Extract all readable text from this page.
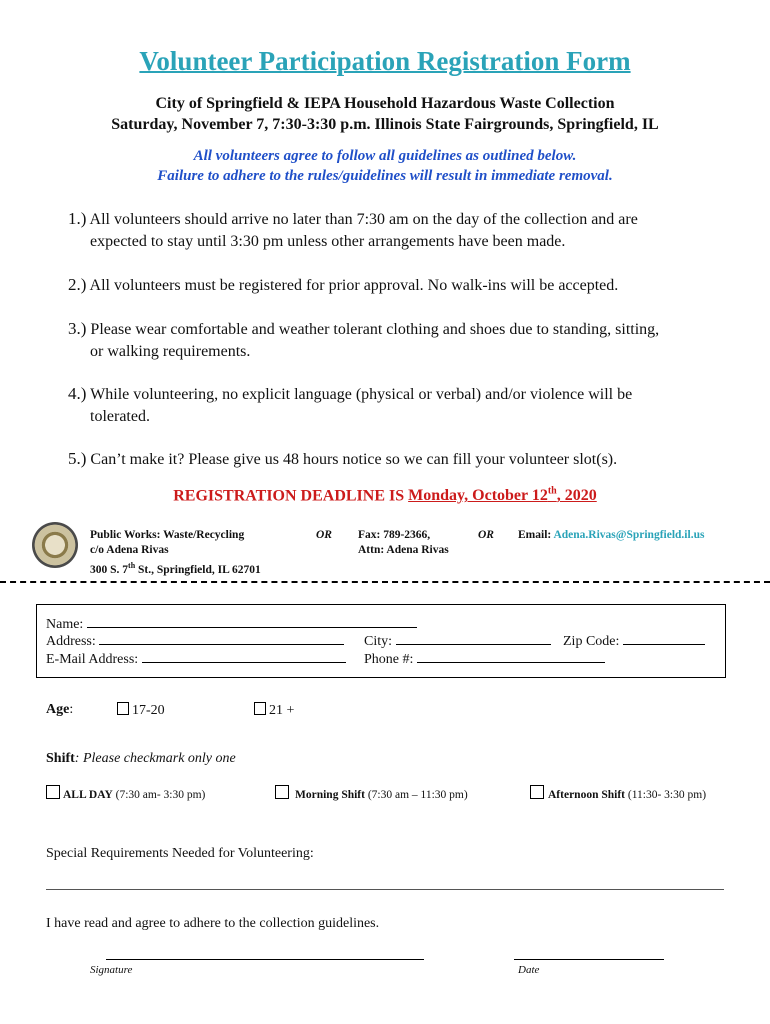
Volunteer Participation Registration Form
City of Springfield & IEPA Household Hazardous Waste Collection
Saturday, November 7, 7:30-3:30 p.m. Illinois State Fairgrounds, Springfield, IL
All volunteers agree to follow all guidelines as outlined below.
Failure to adhere to the rules/guidelines will result in immediate removal.
1.) All volunteers should arrive no later than 7:30 am on the day of the collection and are
expected to stay until 3:30 pm unless other arrangements have been made.
2.) All volunteers must be registered for prior approval. No walk-ins will be accepted.
3.) Please wear comfortable and weather tolerant clothing and shoes due to standing, sitting,
or walking requirements.
4.) While volunteering, no explicit language (physical or verbal) and/or violence will be
tolerated.
5.) Can’t make it? Please give us 48 hours notice so we can fill your volunteer slot(s).
REGISTRATION DEADLINE IS Monday, October 12th, 2020
Public Works: Waste/Recycling
c/o Adena Rivas
300 S. 7th St., Springfield, IL 62701
OR Fax: 789-2366,
Attn: Adena Rivas
OR Email: Adena.Rivas@Springfield.il.us
Name:
Address:	City:	Zip Code:
E-Mail Address:	Phone #:
Age:	17-20	21 +
Shift: Please checkmark only one
ALL DAY (7:30 am- 3:30 pm)	Morning Shift (7:30 am – 11:30 pm)	Afternoon Shift (11:30- 3:30 pm)
Special Requirements Needed for Volunteering:
I have read and agree to adhere to the collection guidelines.
Signature	Date
